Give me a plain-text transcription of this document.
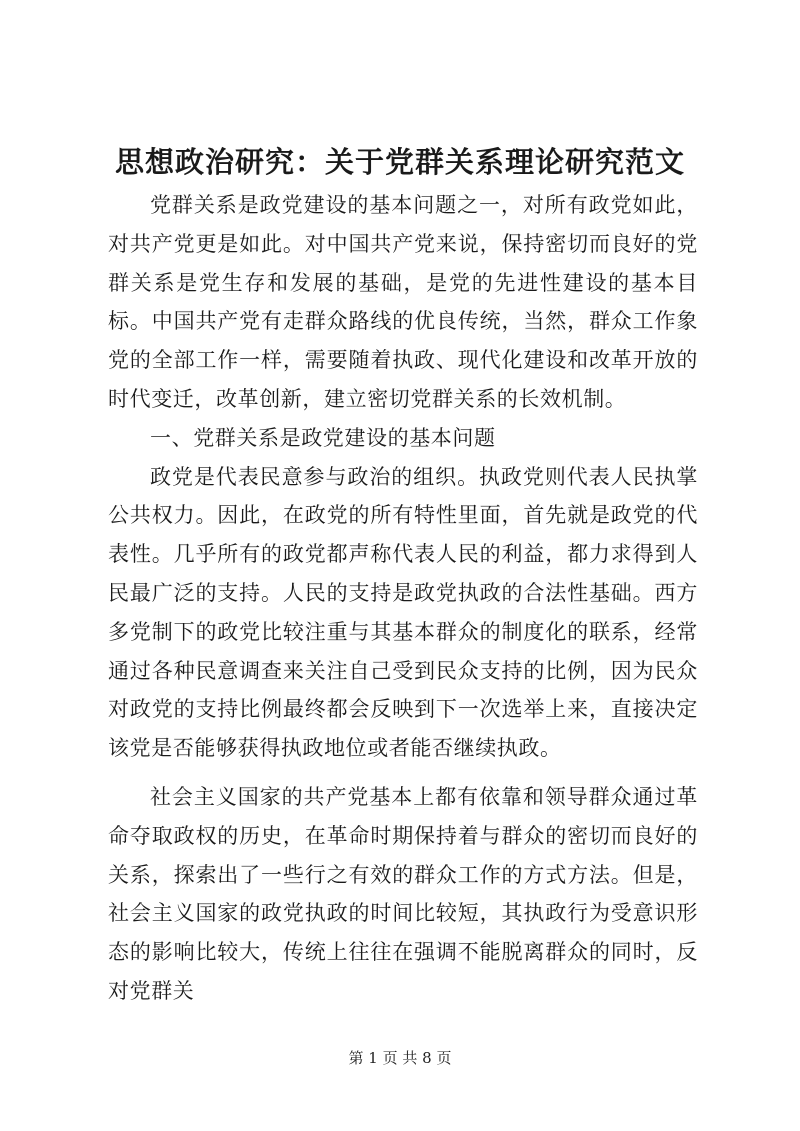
思想政治研究：关于党群关系理论研究范文

党群关系是政党建设的基本问题之一，对所有政党如此，对共产党更是如此。对中国共产党来说，保持密切而良好的党群关系是党生存和发展的基础，是党的先进性建设的基本目标。中国共产党有走群众路线的优良传统，当然，群众工作象党的全部工作一样，需要随着执政、现代化建设和改革开放的时代变迁，改革创新，建立密切党群关系的长效机制。

一、党群关系是政党建设的基本问题

政党是代表民意参与政治的组织。执政党则代表人民执掌公共权力。因此，在政党的所有特性里面，首先就是政党的代表性。几乎所有的政党都声称代表人民的利益，都力求得到人民最广泛的支持。人民的支持是政党执政的合法性基础。西方多党制下的政党比较注重与其基本群众的制度化的联系，经常通过各种民意调查来关注自己受到民众支持的比例，因为民众对政党的支持比例最终都会反映到下一次选举上来，直接决定该党是否能够获得执政地位或者能否继续执政。

社会主义国家的共产党基本上都有依靠和领导群众通过革命夺取政权的历史，在革命时期保持着与群众的密切而良好的关系，探索出了一些行之有效的群众工作的方式方法。但是，社会主义国家的政党执政的时间比较短，其执政行为受意识形态的影响比较大，传统上往往在强调不能脱离群众的同时，反对党群关

第 1 页 共 8 页
